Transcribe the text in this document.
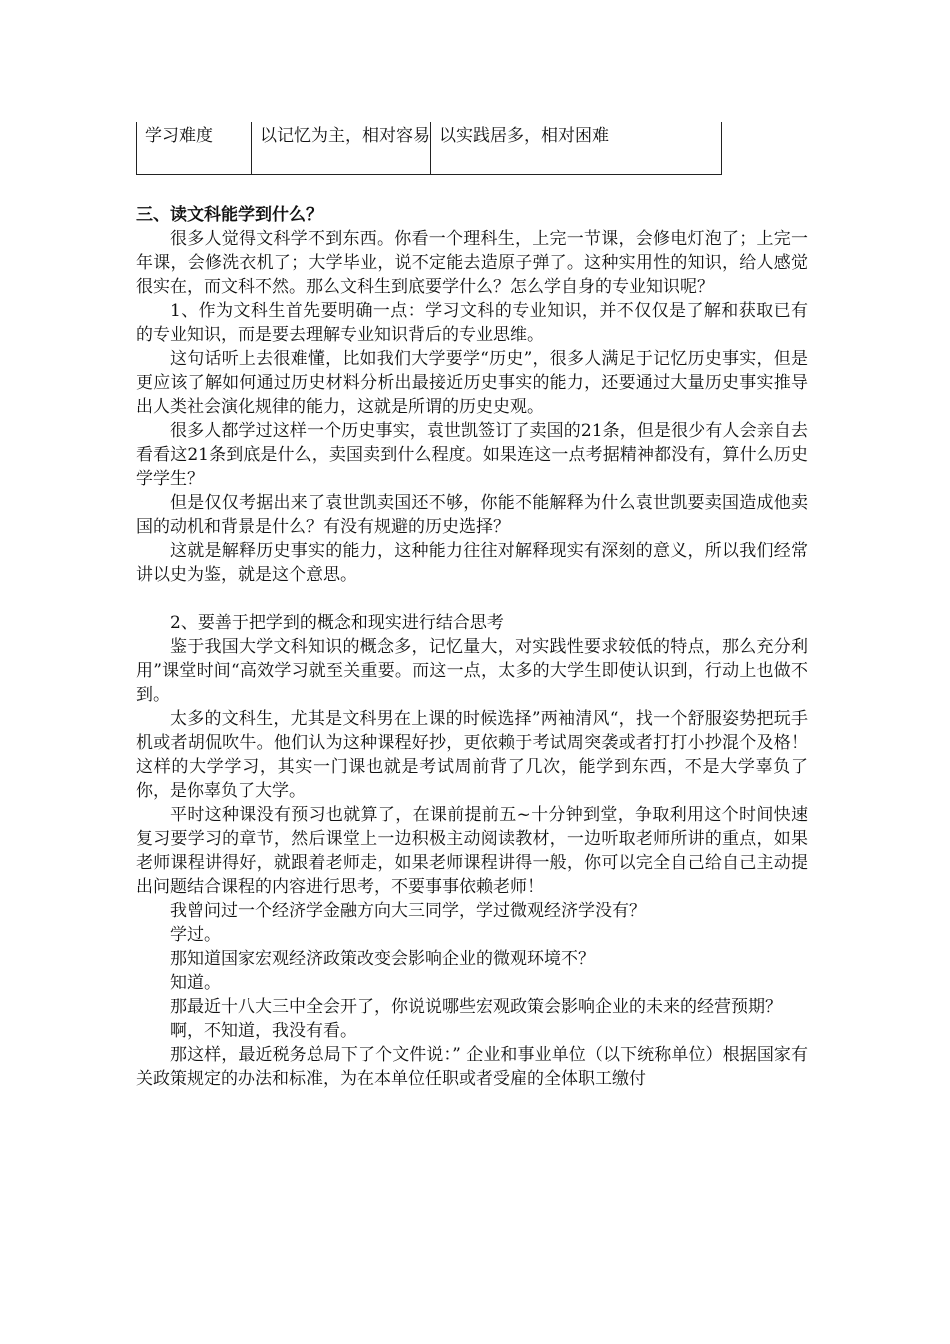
学习难度	以记忆为主，相对容易	以实践居多，相对困难

三、读文科能学到什么？

很多人觉得文科学不到东西。你看一个理科生，上完一节课，会修电灯泡了；上完一年课，会修洗衣机了；大学毕业，说不定能去造原子弹了。这种实用性的知识，给人感觉很实在，而文科不然。那么文科生到底要学什么？怎么学自身的专业知识呢？

1、作为文科生首先要明确一点：学习文科的专业知识，并不仅仅是了解和获取已有的专业知识，而是要去理解专业知识背后的专业思维。

这句话听上去很难懂，比如我们大学要学“历史”，很多人满足于记忆历史事实，但是更应该了解如何通过历史材料分析出最接近历史事实的能力，还要通过大量历史事实推导出人类社会演化规律的能力，这就是所谓的历史史观。

很多人都学过这样一个历史事实，袁世凯签订了卖国的21条，但是很少有人会亲自去看看这21条到底是什么，卖国卖到什么程度。如果连这一点考据精神都没有，算什么历史学学生？

但是仅仅考据出来了袁世凯卖国还不够，你能不能解释为什么袁世凯要卖国造成他卖国的动机和背景是什么？有没有规避的历史选择？

这就是解释历史事实的能力，这种能力往往对解释现实有深刻的意义，所以我们经常讲以史为鉴，就是这个意思。

2、要善于把学到的概念和现实进行结合思考

鉴于我国大学文科知识的概念多，记忆量大，对实践性要求较低的特点，那么充分利用”课堂时间“高效学习就至关重要。而这一点，太多的大学生即使认识到，行动上也做不到。

太多的文科生，尤其是文科男在上课的时候选择”两袖清风“，找一个舒服姿势把玩手机或者胡侃吹牛。他们认为这种课程好抄，更依赖于考试周突袭或者打打小抄混个及格！这样的大学学习，其实一门课也就是考试周前背了几次，能学到东西，不是大学辜负了你，是你辜负了大学。

平时这种课没有预习也就算了，在课前提前五~十分钟到堂，争取利用这个时间快速复习要学习的章节，然后课堂上一边积极主动阅读教材，一边听取老师所讲的重点，如果老师课程讲得好，就跟着老师走，如果老师课程讲得一般，你可以完全自己给自己主动提出问题结合课程的内容进行思考，不要事事依赖老师！

我曾问过一个经济学金融方向大三同学，学过微观经济学没有？

学过。

那知道国家宏观经济政策改变会影响企业的微观环境不？

知道。

那最近十八大三中全会开了，你说说哪些宏观政策会影响企业的未来的经营预期？

啊，不知道，我没有看。

那这样，最近税务总局下了个文件说：” 企业和事业单位（以下统称单位）根据国家有关政策规定的办法和标准，为在本单位任职或者受雇的全体职工缴付
